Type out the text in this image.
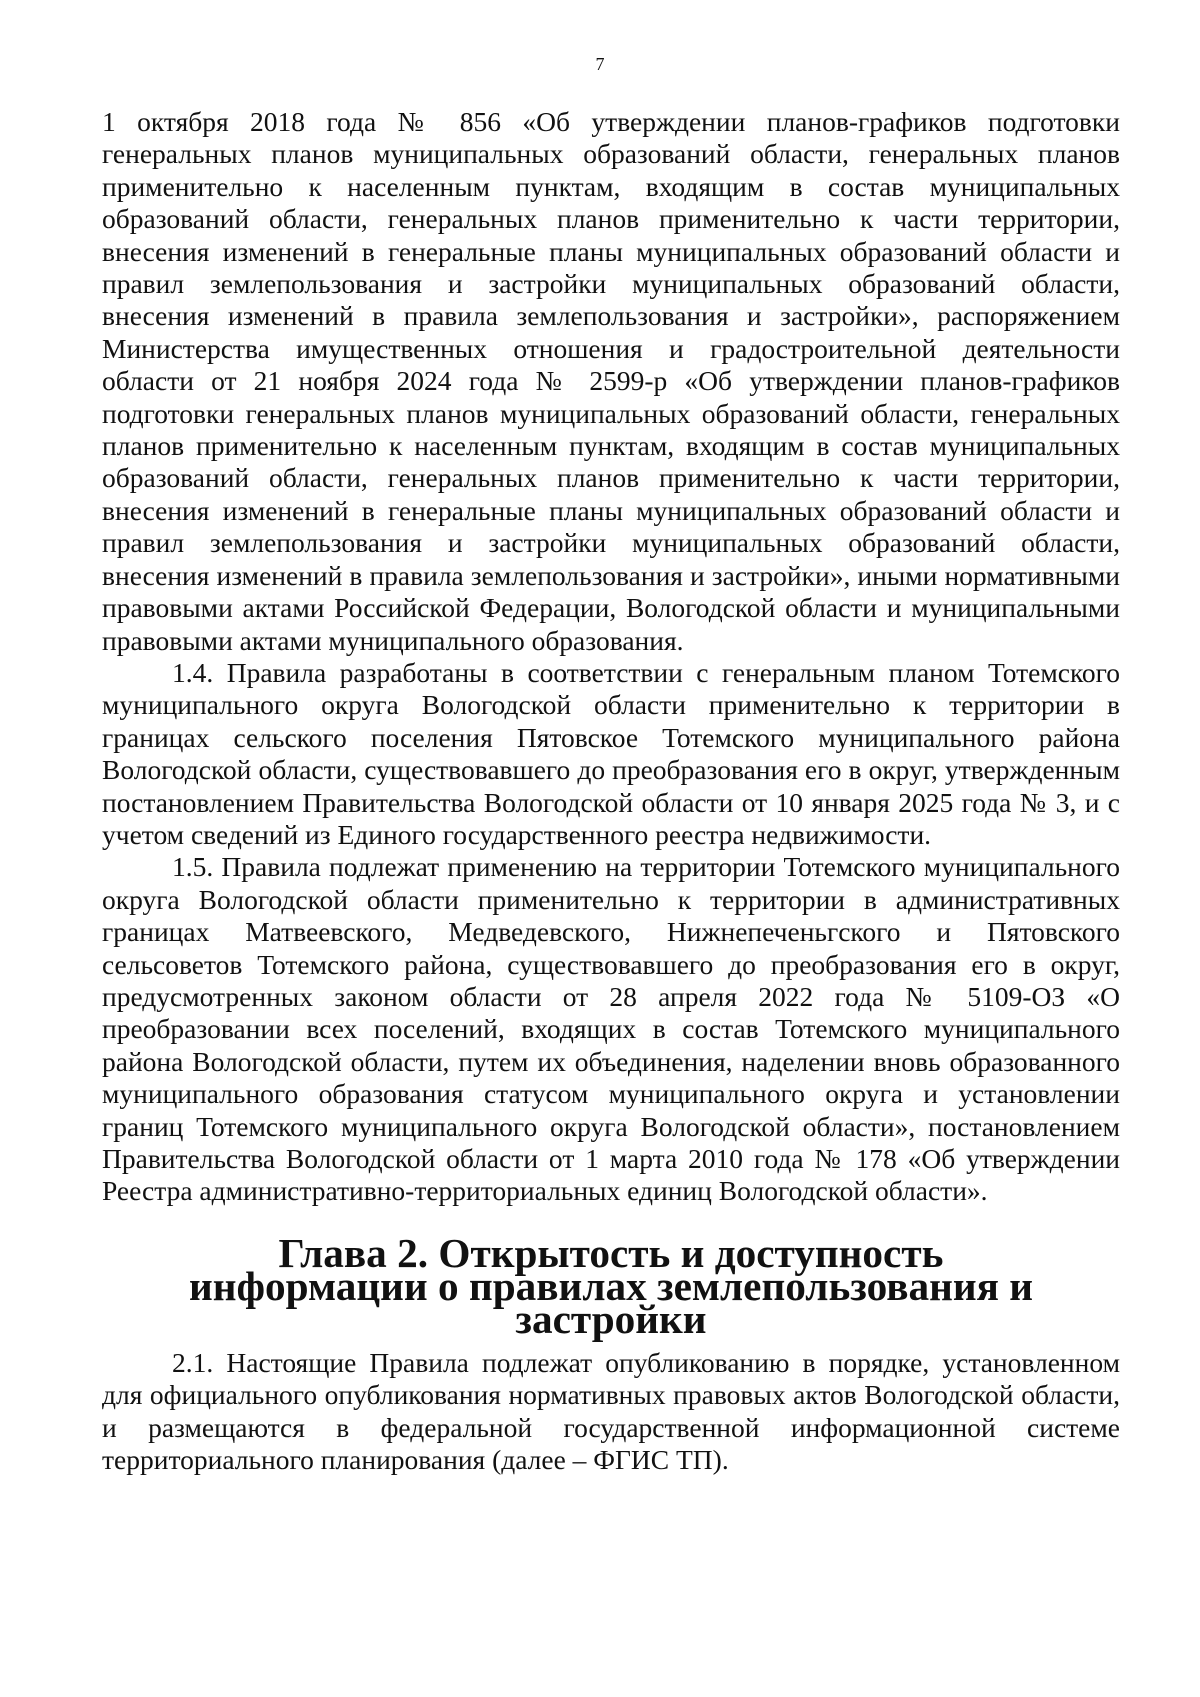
7

1 октября 2018 года № 856 «Об утверждении планов-графиков подготовки генеральных планов муниципальных образований области, генеральных планов применительно к населенным пунктам, входящим в состав муниципальных образований области, генеральных планов применительно к части территории, внесения изменений в генеральные планы муниципальных образований области и правил землепользования и застройки муниципальных образований области, внесения изменений в правила землепользования и застройки», распоряжением Министерства имущественных отношения и градостроительной деятельности области от 21 ноября 2024 года № 2599-р «Об утверждении планов-графиков подготовки генеральных планов муниципальных образований области, генеральных планов применительно к населенным пунктам, входящим в состав муниципальных образований области, генеральных планов применительно к части территории, внесения изменений в генеральные планы муниципальных образований области и правил землепользования и застройки муниципальных образований области, внесения изменений в правила землепользования и застройки», иными нормативными правовыми актами Российской Федерации, Вологодской области и муниципальными правовыми актами муниципального образования.

1.4. Правила разработаны в соответствии с генеральным планом Тотемского муниципального округа Вологодской области применительно к территории в границах сельского поселения Пятовское Тотемского муниципального района Вологодской области, существовавшего до преобразования его в округ, утвержденным постановлением Правительства Вологодской области от 10 января 2025 года № 3, и с учетом сведений из Единого государственного реестра недвижимости.

1.5. Правила подлежат применению на территории Тотемского муниципального округа Вологодской области применительно к территории в административных границах Матвеевского, Медведевского, Нижнепеченьгского и Пятовского сельсоветов Тотемского района, существовавшего до преобразования его в округ, предусмотренных законом области от 28 апреля 2022 года № 5109-ОЗ «О преобразовании всех поселений, входящих в состав Тотемского муниципального района Вологодской области, путем их объединения, наделении вновь образованного муниципального образования статусом муниципального округа и установлении границ Тотемского муниципального округа Вологодской области», постановлением Правительства Вологодской области от 1 марта 2010 года № 178 «Об утверждении Реестра административно-территориальных единиц Вологодской области».

Глава 2. Открытость и доступность
информации о правилах землепользования и застройки

2.1. Настоящие Правила подлежат опубликованию в порядке, установленном для официального опубликования нормативных правовых актов Вологодской области, и размещаются в федеральной государственной информационной системе территориального планирования (далее – ФГИС ТП).
